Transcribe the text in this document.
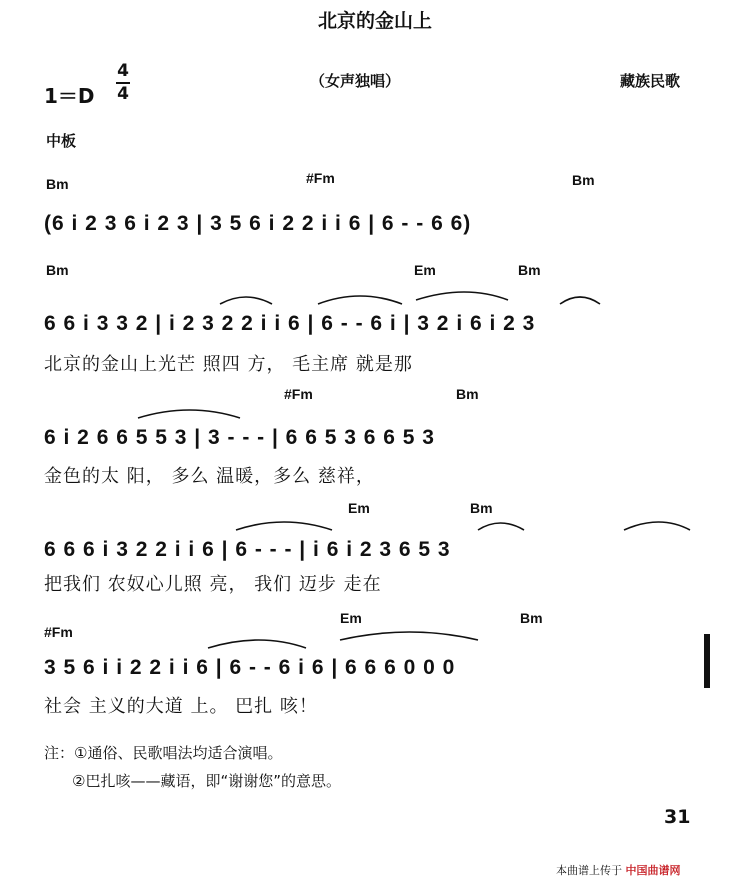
北京的金山上
1＝D
4
4
（女声独唱）	藏族民歌
中板
Bm	#Fm	Bm
(6 i 2 3 6 i 2 3 | 3 5 6 i 2 2 i i 6 | 6 - - 6 6)
Bm	Em	Bm
6 6 i 3 3 2 | i 2 3 2 2 i i 6 | 6 - - 6 i | 3 2 i 6 i 2 3
北京的金山上光芒 照四 方， 毛主席 就是那
#Fm	Bm
6 i 2 6 6 5 5 3 | 3 - - - | 6 6 5 3 6 6 5 3
金色的太 阳， 多么 温暖，多么 慈祥，
Em	Bm
6 6 6 i 3 2 2 i i 6 | 6 - - - | i 6 i 2 3 6 5 3
把我们 农奴心儿照 亮， 我们 迈步 走在
#Fm
Em	Bm
3 5 6 i i 2 2 i i 6 | 6 - - 6 i 6 | 6 6 6 0 0 0
社会 主义的大道 上。 巴扎 咳！
注：①通俗、民歌唱法均适合演唱。
②巴扎咳——藏语，即“谢谢您”的意思。
31
本曲谱上传于 中国曲谱网
